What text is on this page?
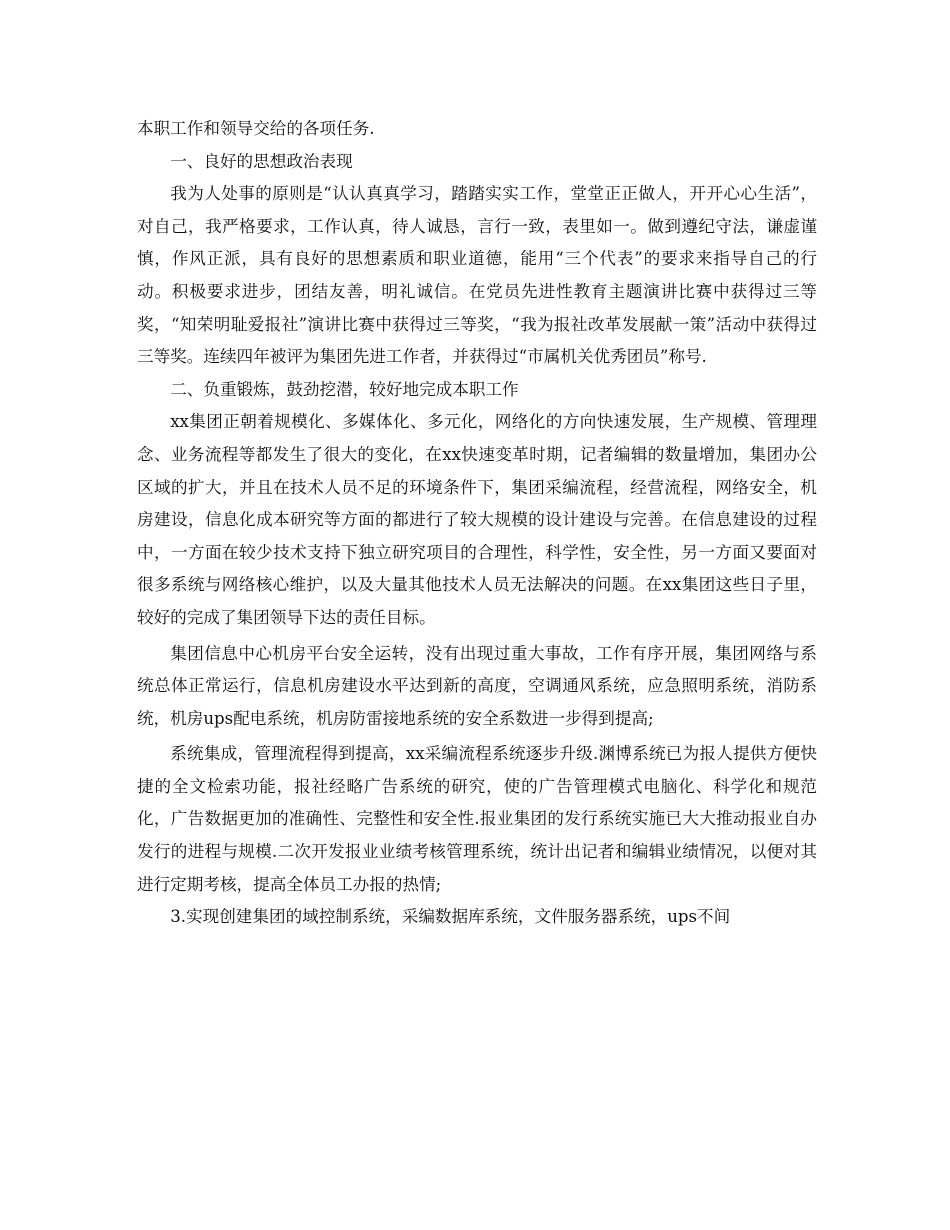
本职工作和领导交给的各项任务.

一、良好的思想政治表现

我为人处事的原则是“认认真真学习，踏踏实实工作，堂堂正正做人，开开心心生活”，对自己，我严格要求，工作认真，待人诚恳，言行一致，表里如一。做到遵纪守法，谦虚谨慎，作风正派，具有良好的思想素质和职业道德，能用“三个代表”的要求来指导自己的行动。积极要求进步，团结友善，明礼诚信。在党员先进性教育主题演讲比赛中获得过三等奖，“知荣明耻爱报社”演讲比赛中获得过三等奖，“我为报社改革发展献一策”活动中获得过三等奖。连续四年被评为集团先进工作者，并获得过“市属机关优秀团员”称号.

二、负重锻炼，鼓劲挖潜，较好地完成本职工作

xx集团正朝着规模化、多媒体化、多元化，网络化的方向快速发展，生产规模、管理理念、业务流程等都发生了很大的变化，在xx快速变革时期，记者编辑的数量增加，集团办公区域的扩大，并且在技术人员不足的环境条件下，集团采编流程，经营流程，网络安全，机房建设，信息化成本研究等方面的都进行了较大规模的设计建设与完善。在信息建设的过程中，一方面在较少技术支持下独立研究项目的合理性，科学性，安全性，另一方面又要面对很多系统与网络核心维护，以及大量其他技术人员无法解决的问题。在xx集团这些日子里，较好的完成了集团领导下达的责任目标。

集团信息中心机房平台安全运转，没有出现过重大事故，工作有序开展，集团网络与系统总体正常运行，信息机房建设水平达到新的高度，空调通风系统，应急照明系统，消防系统，机房ups配电系统，机房防雷接地系统的安全系数进一步得到提高;

系统集成，管理流程得到提高，xx采编流程系统逐步升级.渊博系统已为报人提供方便快捷的全文检索功能，报社经略广告系统的研究，使的广告管理模式电脑化、科学化和规范化，广告数据更加的准确性、完整性和安全性.报业集团的发行系统实施已大大推动报业自办发行的进程与规模.二次开发报业业绩考核管理系统，统计出记者和编辑业绩情况，以便对其进行定期考核，提高全体员工办报的热情;

3.实现创建集团的域控制系统，采编数据库系统，文件服务器系统，ups不间
